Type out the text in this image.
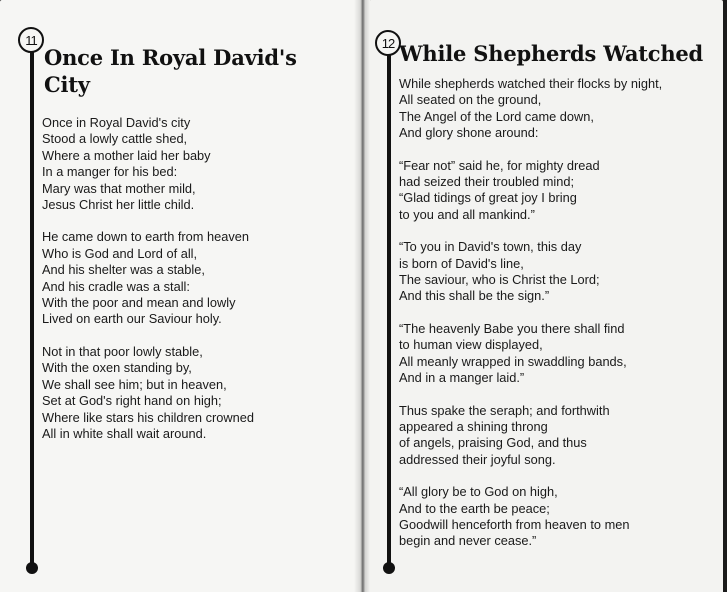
11
Once In Royal David's City
Once in Royal David's city
Stood a lowly cattle shed,
Where a mother laid her baby
In a manger for his bed:
Mary was that mother mild,
Jesus Christ her little child.
He came down to earth from heaven
Who is God and Lord of all,
And his shelter was a stable,
And his cradle was a stall:
With the poor and mean and lowly
Lived on earth our Saviour holy.
Not in that poor lowly stable,
With the oxen standing by,
We shall see him; but in heaven,
Set at God's right hand on high;
Where like stars his children crowned
All in white shall wait around.
12 While Shepherds Watched
While shepherds watched their flocks by night,
All seated on the ground,
The Angel of the Lord came down,
And glory shone around:
“Fear not” said he, for mighty dread
had seized their troubled mind;
“Glad tidings of great joy I bring
to you and all mankind.”
“To you in David's town, this day
is born of David's line,
The saviour, who is Christ the Lord;
And this shall be the sign.”
“The heavenly Babe you there shall find
to human view displayed,
All meanly wrapped in swaddling bands,
And in a manger laid.”
Thus spake the seraph; and forthwith
appeared a shining throng
of angels, praising God, and thus
addressed their joyful song.
“All glory be to God on high,
And to the earth be peace;
Goodwill henceforth from heaven to men
begin and never cease.”
